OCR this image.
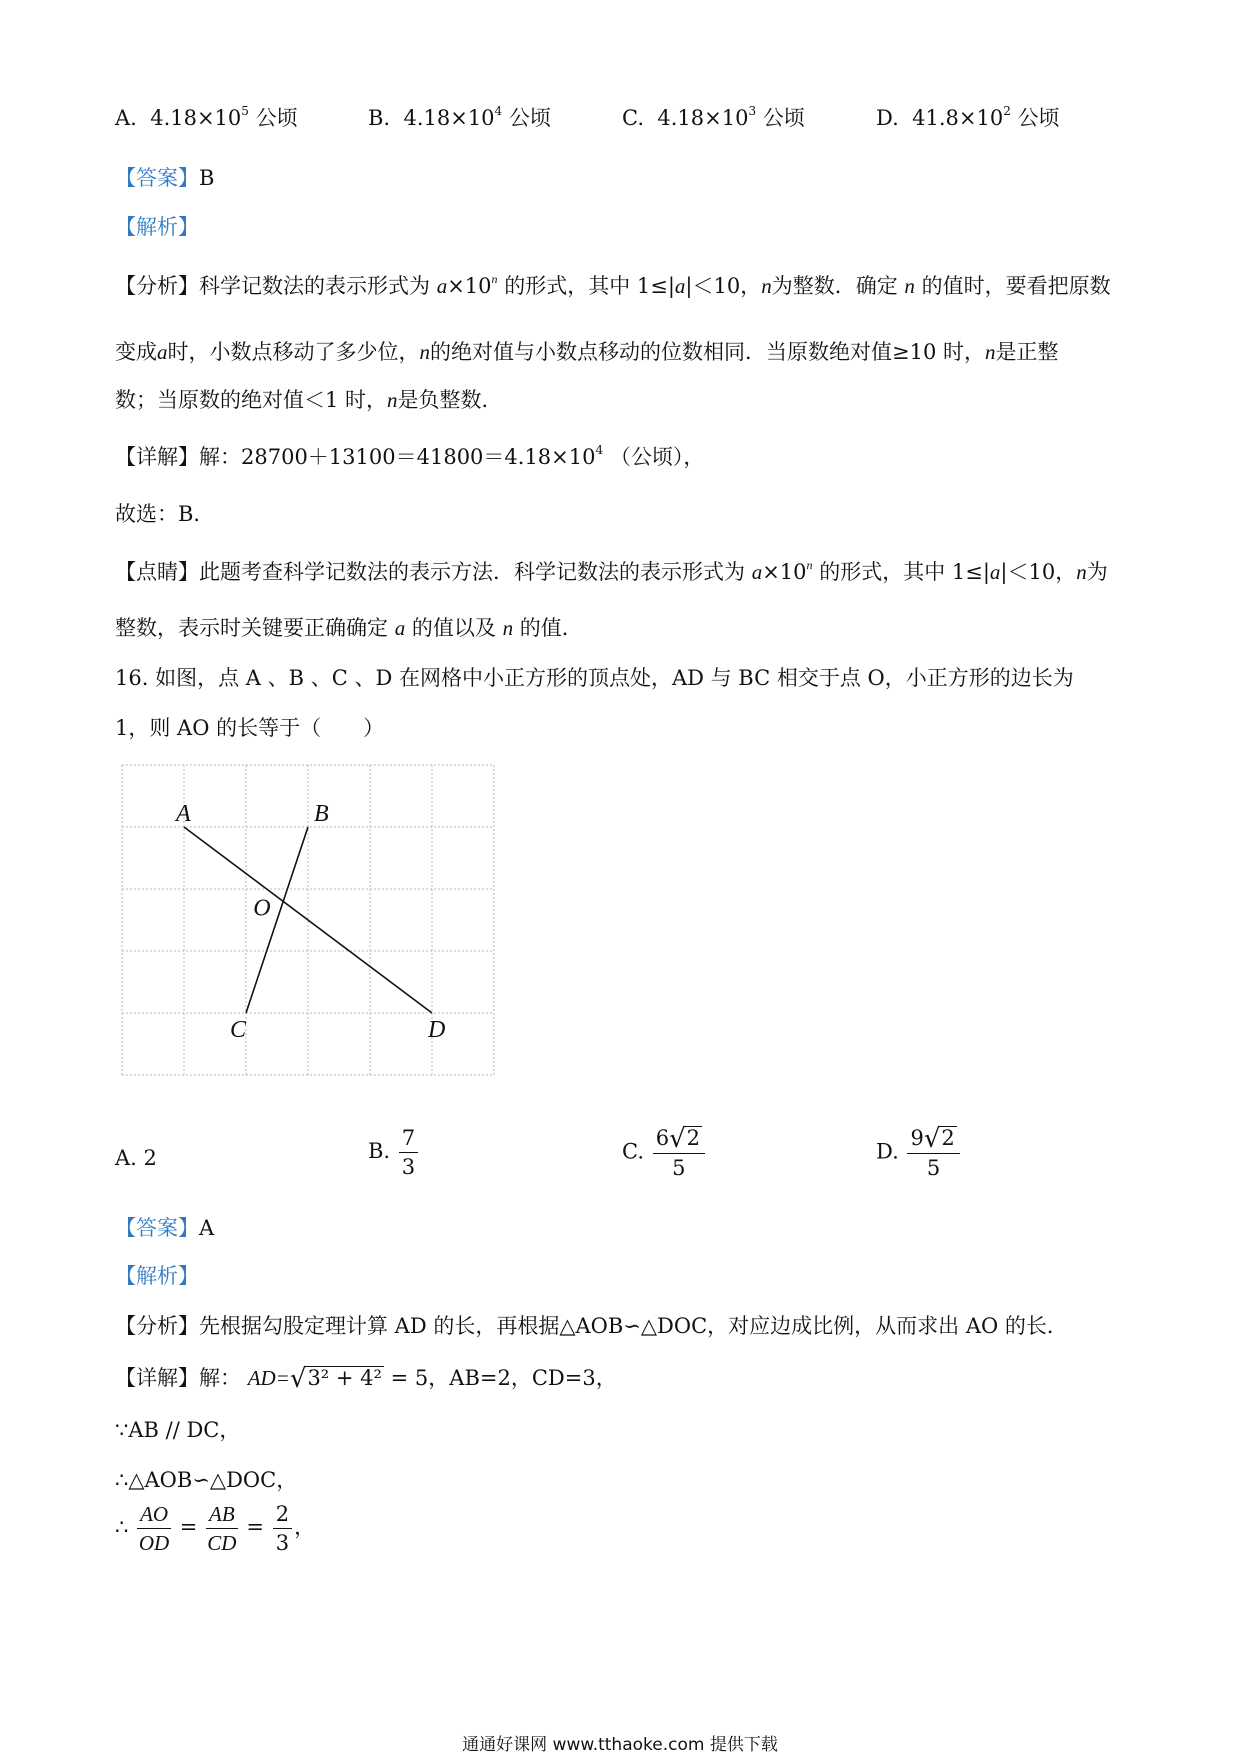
A. $4.18\times 10^5$ 公顷	B. $4.18\times 10^4$ 公顷	C. $4.18\times 10^3$ 公顷	D. $41.8\times 10^2$ 公顷
【答案】B
【解析】
【分析】科学记数法的表示形式为 $a\times 10^n$ 的形式，其中 1≤|a|＜10，n为整数．确定 n 的值时，要看把原数
变成a时，小数点移动了多少位，n的绝对值与小数点移动的位数相同．当原数绝对值≥10 时，n是正整
数；当原数的绝对值＜1 时，n是负整数．
【详解】解：$28700+13100=41800=4.18\times 10^4$ （公顷），
故选：B．
【点睛】此题考查科学记数法的表示方法．科学记数法的表示形式为 $a\times 10^n$ 的形式，其中 1≤|a|＜10，n为
整数，表示时关键要正确确定 a 的值以及 n 的值．
16. 如图，点 A 、B 、C 、D 在网格中小正方形的顶点处，AD 与 BC 相交于点 O，小正方形的边长为
1，则 AO 的长等于（　　）
A	B
C	D
O
A. 2	B. $\frac{7}{3}$	C. $\frac{6√2}{5}$	D. $\frac{9√2}{5}$
【答案】A
【解析】
【分析】先根据勾股定理计算 AD 的长，再根据△AOB∽△DOC，对应边成比例，从而求出 AO 的长．
【详解】解： AD=√3² + 4² = 5，AB=2，CD=3，
∵AB // DC，
∴△AOB∽△DOC，
∴ $\frac{AO}{OD} = \frac{AB}{CD} = \frac{2}{3}$ ，
通通好课网 www.tthaoke.com 提供下载
